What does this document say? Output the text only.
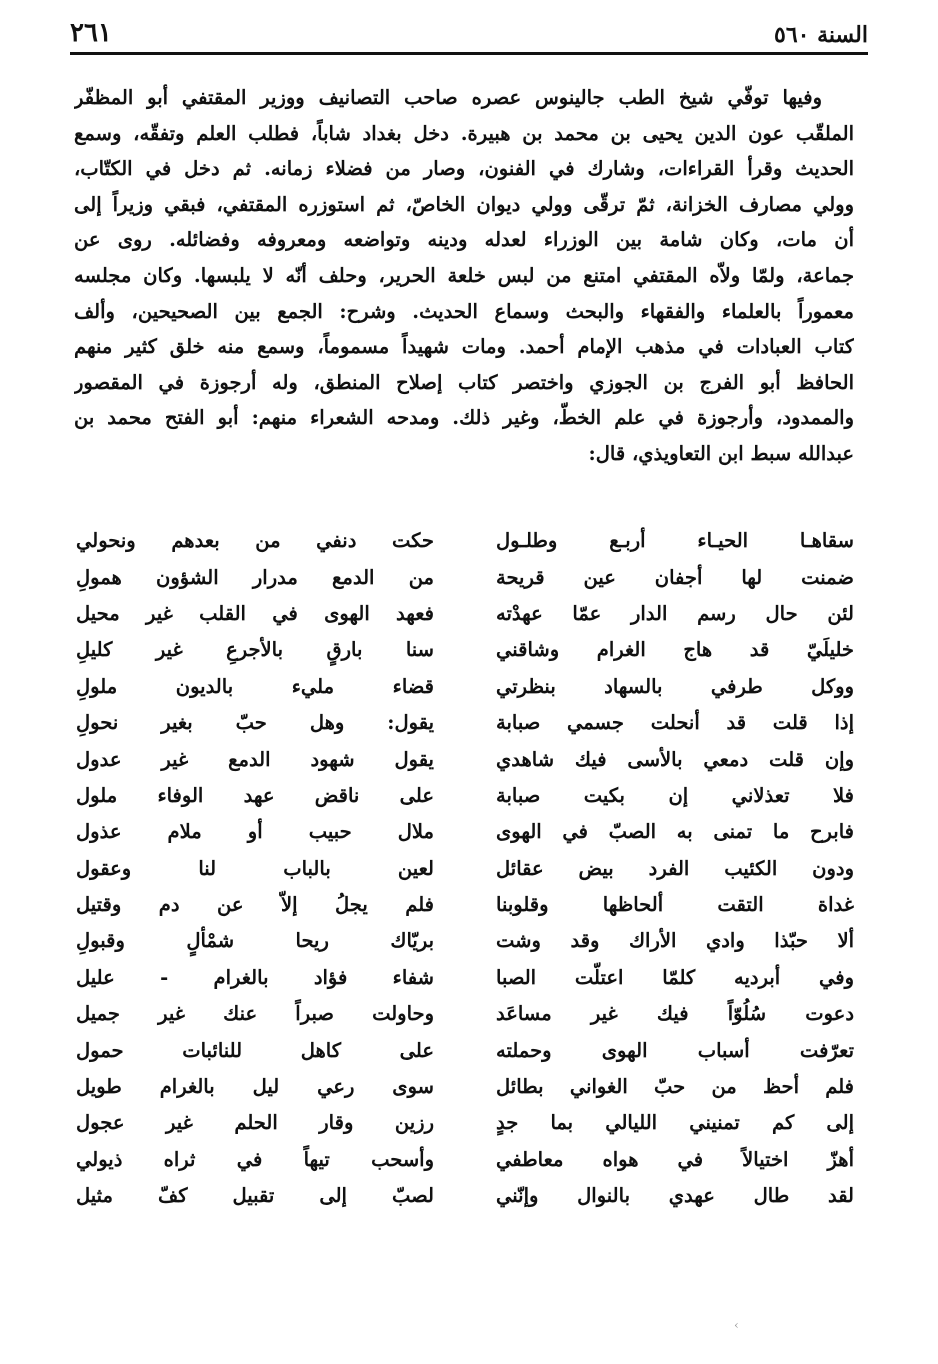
السنة ٥٦٠
٢٦١
وفيها توفّي شيخ الطب جالينوس عصره صاحب التصانيف ووزير المقتفي أبو المظفّر
الملقّب عون الدين يحيى بن محمد بن هبيرة. دخل بغداد شاباً، فطلب العلم وتفقّه، وسمع
الحديث وقرأ القراءات، وشارك في الفنون، وصار من فضلاء زمانه. ثم دخل في الكتّاب،
وولي مصارف الخزانة، ثمّ ترقّى وولي ديوان الخاصّ، ثم استوزره المقتفي، فبقي وزيراً إلى
أن مات، وكان شامة بين الوزراء لعدله ودينه وتواضعه ومعروفه وفضائله. روى عن
جماعة، ولمّا ولاّه المقتفي امتنع من لبس خلعة الحرير، وحلف أنّه لا يلبسها. وكان مجلسه
معموراً بالعلماء والفقهاء والبحث وسماع الحديث. وشرح: الجمع بين الصحيحين، وألف
كتاب العبادات في مذهب الإمام أحمد. ومات شهيداً مسموماً، وسمع منه خلق كثير منهم
الحافظ أبو الفرج بن الجوزي واختصر كتاب إصلاح المنطق، وله أرجوزة في المقصور
والممدود، وأرجوزة في علم الخطّ، وغير ذلك. ومدحه الشعراء منهم: أبو الفتح محمد بن
عبدالله سبط ابن التعاويذي، قال:
سقاهـا الحيـاء أربـع وطلـول
حكت دنفي من بعدهم ونحولي
ضمنت لها أجفان عين قريحة
من الدمع مدرار الشؤون همولِ
لئن حال رسم الدار عمّا عهدْته
فعهد الهوى في القلب غير محيل
خليلَيّ قد هاج الغرام وشاقني
سنا بارقٍ بالأجرعِ غير كليلِ
ووكل طرفي بالسهاد بنظرتي
قضاء مليء بالديون ملولِ
إذا قلت قد أنحلت جسمي صبابة
يقول: وهل حبّ بغير نحولِ
وإن قلت دمعي بالأسى فيك شاهدي
يقول شهود الدمع غير عدول
فلا تعذلاني إن بكيت صبابة
على ناقض عهد الوفاء ملول
فابرح ما تمنى به الصبّ في الهوى
ملال حبيب أو ملام عذول
ودون الكئيب الفرد بيض عقائل
لعين بالباب لنا وعقول
غداة التقت ألحاظها وقلوبنا
فلم يجلُ إلاّ عن دم وقتيل
ألا حبّذا وادي الأراك وقد وشت
بريّاك ريحا شمْألٍ وقبولِ
وفي أبرديه كلمّا اعتلّت الصبا
شفاء فؤاد بالغرام - عليل
دعوت سُلُوّاً فيك غير مساعَد
وحاولت صبراً عنك غير جميل
تعرّفت أسباب الهوى وحملته
على كاهل للنائبات حمول
فلم أحظ من حبّ الغواني بطائل
سوى رعي ليل بالغرام طويل
إلى كم تمنيني الليالي بما جدٍ
رزين وقار الحلم غير عجول
أهزّ اختيالاً في هواه معاطفي
وأسحب تيهاً في ثراه ذيولي
لقد طال عهدي بالنوال وإنّني
لصبّ إلى تقبيل كفّ مثيل
‹
